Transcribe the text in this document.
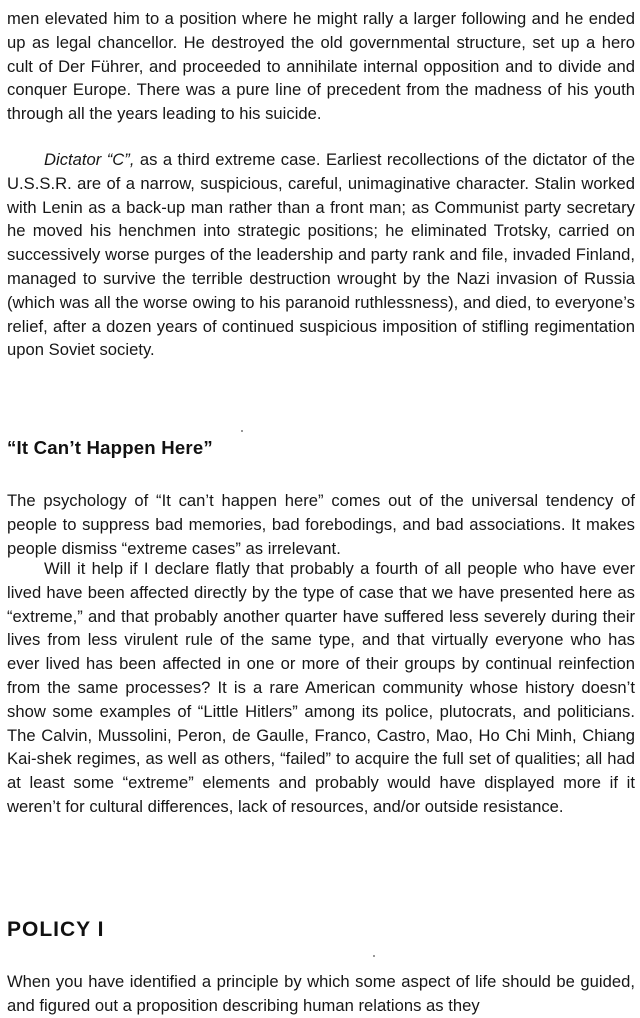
men elevated him to a position where he might rally a larger following and he ended up as legal chancellor. He destroyed the old governmental structure, set up a hero cult of Der Führer, and proceeded to annihilate internal opposition and to divide and conquer Europe. There was a pure line of precedent from the madness of his youth through all the years leading to his suicide.

Dictator “C”, as a third extreme case. Earliest recollections of the dictator of the U.S.S.R. are of a narrow, suspicious, careful, unimaginative character. Stalin worked with Lenin as a back-up man rather than a front man; as Communist party secretary he moved his henchmen into strategic positions; he eliminated Trotsky, carried on successively worse purges of the leadership and party rank and file, invaded Finland, managed to survive the terrible destruction wrought by the Nazi invasion of Russia (which was all the worse owing to his paranoid ruthlessness), and died, to everyone’s relief, after a dozen years of continued suspicious imposition of stifling regimentation upon Soviet society.

“It Can’t Happen Here”

The psychology of “It can’t happen here” comes out of the universal tendency of people to suppress bad memories, bad forebodings, and bad associations. It makes people dismiss “extreme cases” as irrelevant.

Will it help if I declare flatly that probably a fourth of all people who have ever lived have been affected directly by the type of case that we have presented here as “extreme,” and that probably another quarter have suffered less severely during their lives from less virulent rule of the same type, and that virtually everyone who has ever lived has been affected in one or more of their groups by continual reinfection from the same processes? It is a rare American community whose history doesn’t show some examples of “Little Hitlers” among its police, plutocrats, and politicians. The Calvin, Mussolini, Peron, de Gaulle, Franco, Castro, Mao, Ho Chi Minh, Chiang Kai-shek regimes, as well as others, “failed” to acquire the full set of qualities; all had at least some “extreme” elements and probably would have displayed more if it weren’t for cultural differences, lack of resources, and/or outside resistance.

POLICY I

When you have identified a principle by which some aspect of life should be guided, and figured out a proposition describing human relations as they
